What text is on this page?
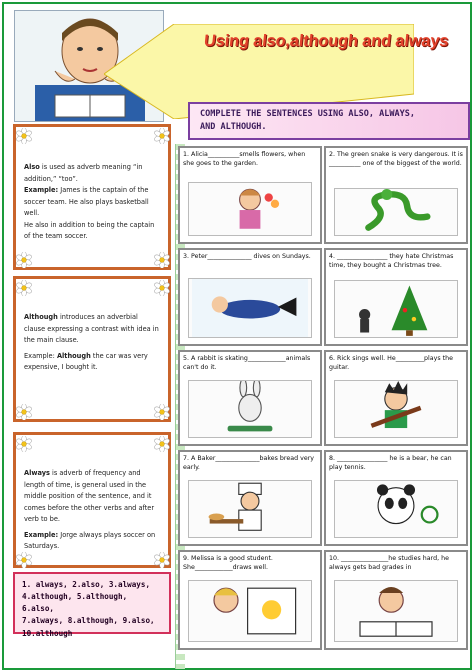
Using also,although and always
COMPLETE THE SENTENCES USING ALSO, ALWAYS,
AND ALTHOUGH.
Also is used as adverb meaning “in addition,” “too”.
Example: James is the captain of the soccer team. He also plays basketball well.
He also in addition to being the captain of the team soccer.
Although introduces an adverbial clause expressing a contrast with idea in the main clause.
Example: Although the car was very expensive, I bought it.
Always is adverb of frequency and length of time, is general used in the middle position of the sentence, and it comes before the other verbs and after verb to be.
Example: Jorge always plays soccer on Saturdays.
1. always, 2.also, 3.always,
4.although, 5.although, 6.also,
7.always, 8.although, 9.also,
10.although
1. Alicia__________smells flowers, when she goes to the garden.
2. The green snake is very dangerous. It is __________ one of the biggest of the world.
3. Peter______________ dives on Sundays.	4. ________________ they hate Christmas time, they bought a Christmas tree.
5. A rabbit is skating____________animals can't do it.
6. Rick sings well. He_________plays the guitar.
7. A Baker______________bakes bread very early.
8. ________________ he is a bear, he can play tennis.
9. Melissa is a good student. She____________draws well.
10. _______________he studies hard, he always gets bad grades in
